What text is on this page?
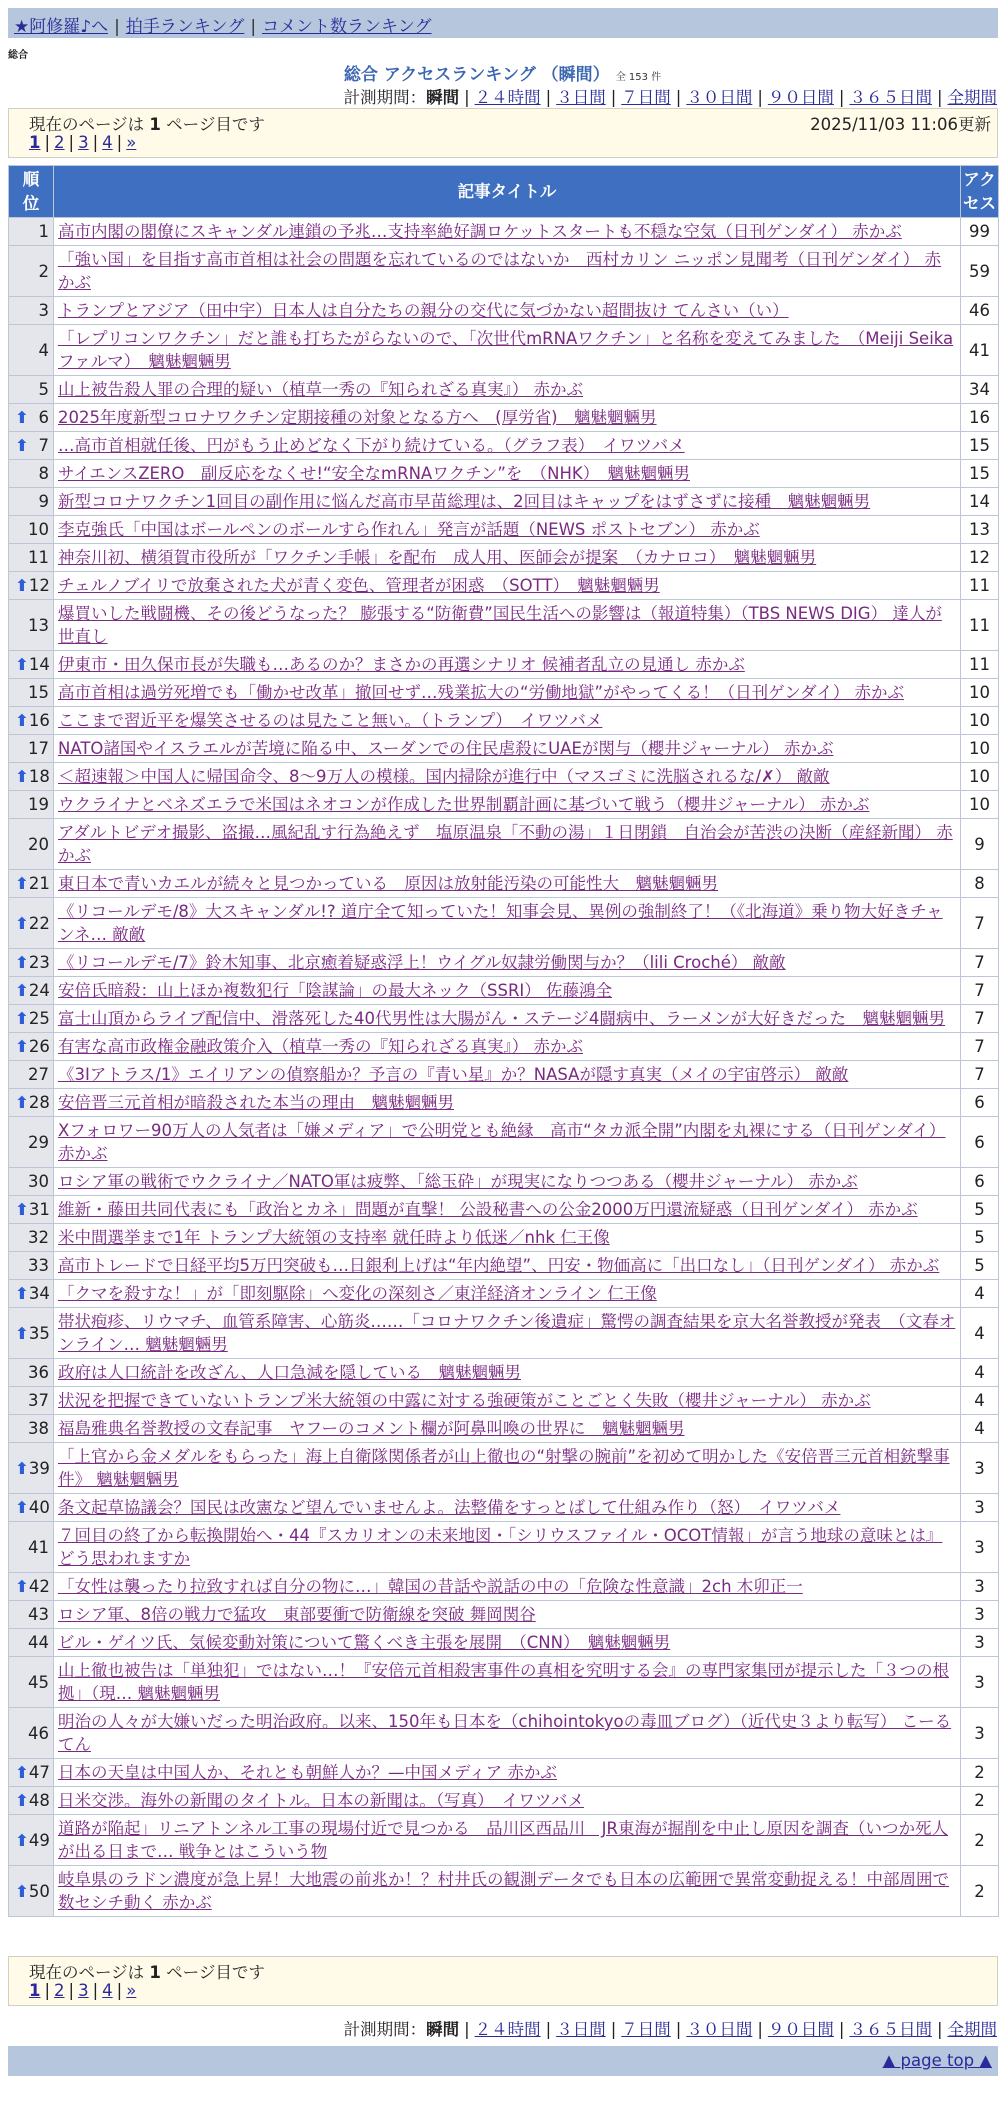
★阿修羅♪へ | 拍手ランキング | コメント数ランキング
総合
総合 アクセスランキング （瞬間） 全 153 件
計測期間：瞬間 | ２４時間 | ３日間 | ７日間 | ３０日間 | ９０日間 | ３６５日間 | 全期間
現在のページは 1 ページ目です	2025/11/03 11:06更新
1 | 2 | 3 | 4 | »
順位	記事タイトル	アクセス
1	高市内閣の閣僚にスキャンダル連鎖の予兆…支持率絶好調ロケットスタートも不穏な空気（日刊ゲンダイ） 赤かぶ	99
2	「強い国」を目指す高市首相は社会の問題を忘れているのではないか　西村カリン ニッポン見聞考（日刊ゲンダイ） 赤かぶ	59
3	トランプとアジア（田中宇）日本人は自分たちの親分の交代に気づかない超間抜け てんさい（い）	46
4	「レプリコンワクチン」だと誰も打ちたがらないので、「次世代mRNAワクチン」と名称を変えてみました　（Meiji Seika ファルマ）　魑魅魍魎男	41
5	山上被告殺人罪の合理的疑い（植草一秀の『知られざる真実』） 赤かぶ	34

⬆ 6	2025年度新型コロナワクチン定期接種の対象となる方へ　(厚労省)　魑魅魍魎男	16

⬆ 7	…高市首相就任後、円がもう止めどなく下がり続けている。（グラフ表）　イワツバメ	15
8	サイエンスZERO　副反応をなくせ!“安全なmRNAワクチン”を　（NHK）　魑魅魍魎男	15
9	新型コロナワクチン1回目の副作用に悩んだ高市早苗総理は、2回目はキャップをはずさずに接種　魑魅魍魎男	14
10	李克強氏「中国はボールペンのボールすら作れん」発言が話題（NEWS ポストセブン） 赤かぶ	13
11	神奈川初、横須賀市役所が「ワクチン手帳」を配布　成人用、医師会が提案　（カナロコ）　魑魅魍魎男	12

⬆ 12	チェルノブイリで放棄された犬が青く変色、管理者が困惑　（SOTT）　魑魅魍魎男	11
13	爆買いした戦闘機、その後どうなった？ 膨張する“防衛費”国民生活への影響は（報道特集）（TBS NEWS DIG） 達人が世直し	11

⬆ 14	伊東市・田久保市長が失職も…あるのか？まさかの再選シナリオ 候補者乱立の見通し 赤かぶ	11
15	高市首相は過労死増でも「働かせ改革」撤回せず…残業拡大の“労働地獄”がやってくる！（日刊ゲンダイ） 赤かぶ	10

⬆ 16	ここまで習近平を爆笑させるのは見たこと無い。（トランプ）　イワツバメ	10
17	NATO諸国やイスラエルが苦境に陥る中、スーダンでの住民虐殺にUAEが関与（櫻井ジャーナル） 赤かぶ	10

⬆ 18	＜超速報＞中国人に帰国命令、8～9万人の模様。国内掃除が進行中（マスゴミに洗脳されるな/✗） 敵敵	10
19	ウクライナとベネズエラで米国はネオコンが作成した世界制覇計画に基づいて戦う（櫻井ジャーナル） 赤かぶ	10
20	アダルトビデオ撮影、盗撮…風紀乱す行為絶えず　塩原温泉「不動の湯」１日閉鎖　自治会が苦渋の決断（産経新聞） 赤かぶ	9

⬆ 21	東日本で青いカエルが続々と見つかっている　原因は放射能汚染の可能性大　魑魅魍魎男	8

⬆ 22	《リコールデモ/8》大スキャンダル!? 道庁全て知っていた！知事会見、異例の強制終了！（《北海道》乗り物大好きチャンネ… 敵敵	7

⬆ 23	《リコールデモ/7》鈴木知事、北京癒着疑惑浮上！ウイグル奴隷労働関与か？（lili Croché） 敵敵	7

⬆ 24	安倍氏暗殺：山上ほか複数犯行「陰謀論」の最大ネック（SSRI） 佐藤鴻全	7

⬆ 25	富士山頂からライブ配信中、滑落死した40代男性は大腸がん・ステージ4闘病中、ラーメンが大好きだった　魑魅魍魎男	7

⬆ 26	有害な高市政権金融政策介入（植草一秀の『知られざる真実』） 赤かぶ	7
27	《3Iアトラス/1》エイリアンの偵察船か？予言の『青い星』か？NASAが隠す真実（メイの宇宙啓示） 敵敵	7

⬆ 28	安倍晋三元首相が暗殺された本当の理由　魑魅魍魎男	6
29	Xフォロワー90万人の人気者は「嫌メディア」で公明党とも絶縁　高市“タカ派全開”内閣を丸裸にする（日刊ゲンダイ） 赤かぶ	6
30	ロシア軍の戦術でウクライナ／NATO軍は疲弊、「総玉砕」が現実になりつつある（櫻井ジャーナル） 赤かぶ	6

⬆ 31	維新・藤田共同代表にも「政治とカネ」問題が直撃！ 公設秘書への公金2000万円還流疑惑（日刊ゲンダイ） 赤かぶ	5
32	米中間選挙まで1年 トランプ大統領の支持率 就任時より低迷／nhk 仁王像	5
33	高市トレードで日経平均5万円突破も…日銀利上げは“年内絶望”、円安・物価高に「出口なし」（日刊ゲンダイ） 赤かぶ	5

⬆ 34	「クマを殺すな！」が「即刻駆除」へ変化の深刻さ／東洋経済オンライン 仁王像	4

⬆ 35	帯状疱疹、リウマチ、血管系障害、心筋炎……「コロナワクチン後遺症」驚愕の調査結果を京大名誉教授が発表　（文春オンライン… 魑魅魍魎男	4
36	政府は人口統計を改ざん、人口急減を隠している　魑魅魍魎男	4
37	状況を把握できていないトランプ米大統領の中露に対する強硬策がことごとく失敗（櫻井ジャーナル） 赤かぶ	4
38	福島雅典名誉教授の文春記事　ヤフーのコメント欄が阿鼻叫喚の世界に　魑魅魍魎男	4

⬆ 39	「上官から金メダルをもらった」海上自衛隊関係者が山上徹也の“射撃の腕前”を初めて明かした《安倍晋三元首相銃撃事件》 魑魅魍魎男	3

⬆ 40	条文起草協議会？国民は改憲など望んでいませんよ。法整備をすっとばして仕組み作り（怒）　イワツバメ	3
41	７回目の終了から転換開始へ・44『スカリオンの未来地図・「シリウスファイル・OCOT情報」が言う地球の意味とは』 どう思われますか	3

⬆ 42	「女性は襲ったり拉致すれば自分の物に…」韓国の昔話や説話の中の「危険な性意識」2ch 木卯正一	3
43	ロシア軍、8倍の戦力で猛攻　東部要衝で防衛線を突破 舞岡関谷	3
44	ビル・ゲイツ氏、気候変動対策について驚くべき主張を展開　（CNN）　魑魅魍魎男	3
45	山上徹也被告は「単独犯」ではない…！『安倍元首相殺害事件の真相を究明する会』の専門家集団が提示した「３つの根拠」（現… 魑魅魍魎男	3
46	明治の人々が大嫌いだった明治政府。以来、150年も日本を（chihointokyoの毒皿ブログ）（近代史３より転写） こーるてん	3

⬆ 47	日本の天皇は中国人か、それとも朝鮮人か？—中国メディア 赤かぶ	2

⬆ 48	日米交渉。海外の新聞のタイトル。日本の新聞は。（写真）　イワツバメ	2

⬆ 49	道路が陥起」リニアトンネル工事の現場付近で見つかる　品川区西品川　JR東海が掘削を中止し原因を調査（いつか死人が出る日まで… 戦争とはこういう物	2

⬆ 50	岐阜県のラドン濃度が急上昇！大地震の前兆か！？村井氏の観測データでも日本の広範囲で異常変動捉える！中部周囲で数セシチ動く 赤かぶ	2
現在のページは 1 ページ目です
1 | 2 | 3 | 4 | »
計測期間：瞬間 | ２４時間 | ３日間 | ７日間 | ３０日間 | ９０日間 | ３６５日間 | 全期間
▲ page top ▲
